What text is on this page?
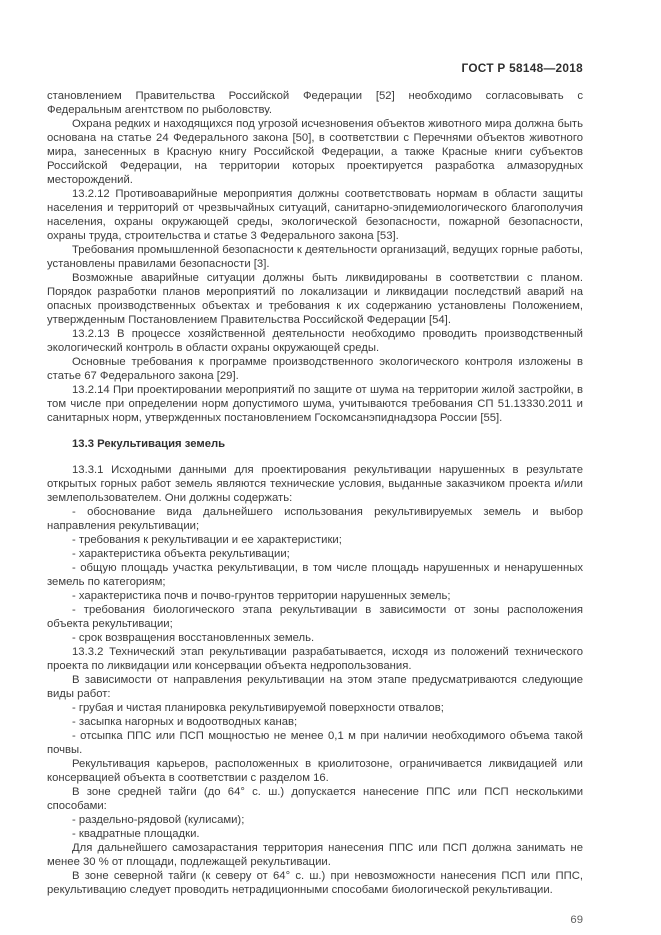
ГОСТ Р 58148—2018

становлением Правительства Российской Федерации [52] необходимо согласовывать с Федеральным агентством по рыболовству.

Охрана редких и находящихся под угрозой исчезновения объектов животного мира должна быть основана на статье 24 Федерального закона [50], в соответствии с Перечнями объектов животного мира, занесенных в Красную книгу Российской Федерации, а также Красные книги субъектов Российской Федерации, на территории которых проектируется разработка алмазорудных месторождений.

13.2.12 Противоаварийные мероприятия должны соответствовать нормам в области защиты населения и территорий от чрезвычайных ситуаций, санитарно-эпидемиологического благополучия населения, охраны окружающей среды, экологической безопасности, пожарной безопасности, охраны труда, строительства и статье 3 Федерального закона [53].

Требования промышленной безопасности к деятельности организаций, ведущих горные работы, установлены правилами безопасности [3].

Возможные аварийные ситуации должны быть ликвидированы в соответствии с планом. Порядок разработки планов мероприятий по локализации и ликвидации последствий аварий на опасных производственных объектах и требования к их содержанию установлены Положением, утвержденным Постановлением Правительства Российской Федерации [54].

13.2.13 В процессе хозяйственной деятельности необходимо проводить производственный экологический контроль в области охраны окружающей среды.

Основные требования к программе производственного экологического контроля изложены в статье 67 Федерального закона [29].

13.2.14 При проектировании мероприятий по защите от шума на территории жилой застройки, в том числе при определении норм допустимого шума, учитываются требования СП 51.13330.2011 и санитарных норм, утвержденных постановлением Госкомсанэпиднадзора России [55].

13.3 Рекультивация земель

13.3.1 Исходными данными для проектирования рекультивации нарушенных в результате открытых горных работ земель являются технические условия, выданные заказчиком проекта и/или землепользователем. Они должны содержать:

- обоснование вида дальнейшего использования рекультивируемых земель и выбор направления рекультивации;

- требования к рекультивации и ее характеристики;

- характеристика объекта рекультивации;

- общую площадь участка рекультивации, в том числе площадь нарушенных и ненарушенных земель по категориям;

- характеристика почв и почво-грунтов территории нарушенных земель;

- требования биологического этапа рекультивации в зависимости от зоны расположения объекта рекультивации;

- срок возвращения восстановленных земель.

13.3.2 Технический этап рекультивации разрабатывается, исходя из положений технического проекта по ликвидации или консервации объекта недропользования.

В зависимости от направления рекультивации на этом этапе предусматриваются следующие виды работ:

- грубая и чистая планировка рекультивируемой поверхности отвалов;

- засыпка нагорных и водоотводных канав;

- отсыпка ППС или ПСП мощностью не менее 0,1 м при наличии необходимого объема такой почвы.

Рекультивация карьеров, расположенных в криолитозоне, ограничивается ликвидацией или консервацией объекта в соответствии с разделом 16.

В зоне средней тайги (до 64° с. ш.) допускается нанесение ППС или ПСП несколькими способами:

- раздельно-рядовой (кулисами);

- квадратные площадки.

Для дальнейшего самозарастания территория нанесения ППС или ПСП должна занимать не менее 30 % от площади, подлежащей рекультивации.

В зоне северной тайги (к северу от 64° с. ш.) при невозможности нанесения ПСП или ППС, рекультивацию следует проводить нетрадиционными способами биологической рекультивации.

69
